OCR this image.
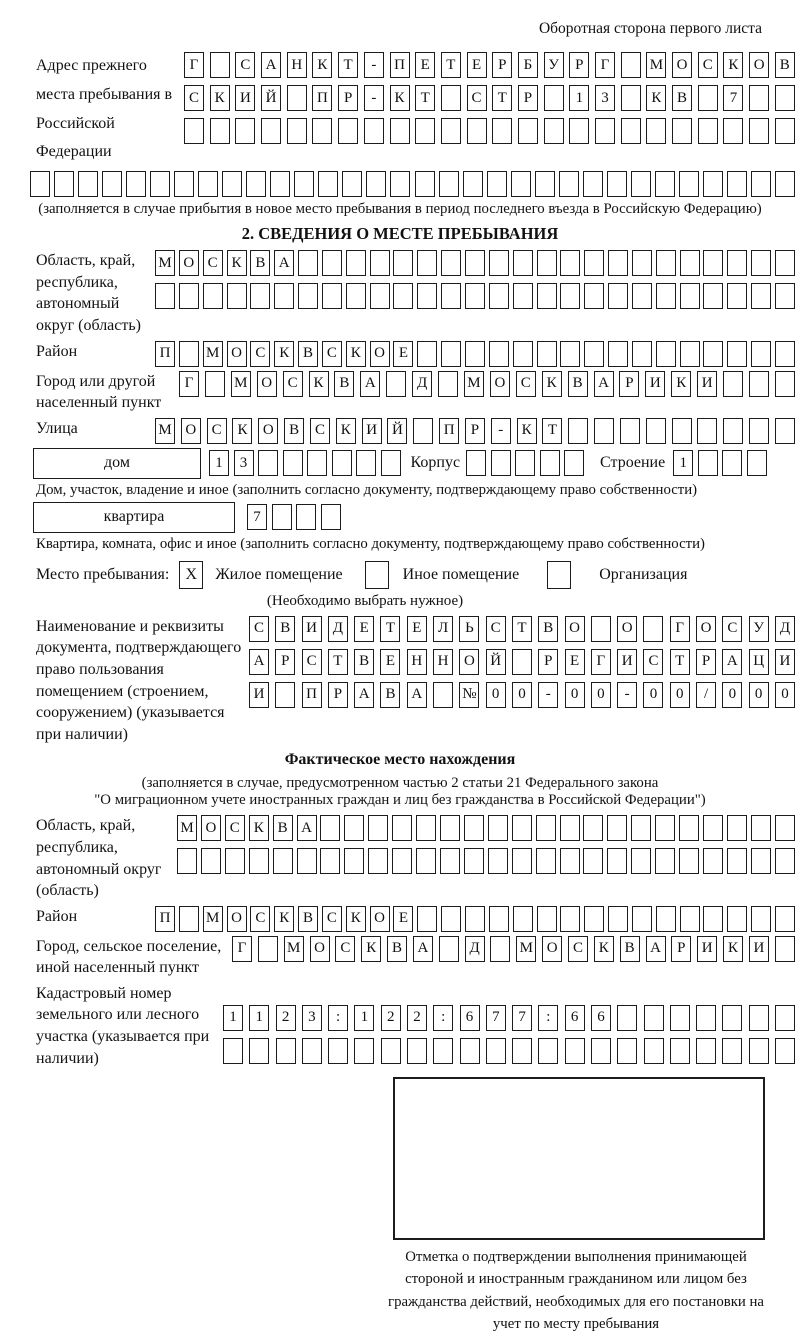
Оборотная сторона первого листа
Адрес прежнего места пребывания в Российской Федерации
Г	С	А Н	К	Т	-	П	Е	Т	Е	Р	Б	У	Р	Г	М О	С	К	О	В
С	К	И Й	П	Р	-	К	Т	С	Т	Р	1	3	К	В	7
(заполняется в случае прибытия в новое место пребывания в период последнего въезда в Российскую Федерацию)
2. СВЕДЕНИЯ О МЕСТЕ ПРЕБЫВАНИЯ
Область, край, республика, автономный округ (область)
М О С К В А
Район	П	М О С К В С К О Е
Город или другой населенный пункт
Г	М О	С	К	В	А	Д	М О	С	К	В	А	Р	И	К	И
Улица	М О	С	К	О	В	С	К	И Й	П	Р	-	К	Т
дом	1	3	Корпус	Строение 1
Дом, участок, владение и иное (заполнить согласно документу, подтверждающему право собственности)
квартира	7
Квартира, комната, офис и иное (заполнить согласно документу, подтверждающему право собственности)
Место пребывания:	X	Жилое помещение	Иное помещение	Организация
(Необходимо выбрать нужное)
Наименование и реквизиты документа, подтверждающего право пользования помещением (строением, сооружением) (указывается при наличии)
С	В	И	Д	Е	Т	Е	Л	Ь	С	Т	В	О	О	Г	О	С	У	Д
А	Р	С	Т	В	Е	Н	Н	О	Й	Р	Е	Г	И	С	Т	Р	А	Ц	И
И	П	Р	А	В	А	№	0	0	-	0	0	-	0	0	/	0	0	0
Фактическое место нахождения
(заполняется в случае, предусмотренном частью 2 статьи 21 Федерального закона
"О миграционном учете иностранных граждан и лиц без гражданства в Российской Федерации")
Область, край, республика, автономный округ (область)
М О С К В А
Район	П	М О С К В С К О Е
Город, сельское поселение, иной населенный пункт
Г	М О	С	К	В	А	Д	М О	С	К	В	А	Р	И	К	И
Кадастровый номер земельного или лесного участка (указывается при наличии)
1	1	2	3	:	1	2	2	:	6	7	7	:	6	6
Отметка о подтверждении выполнения принимающей стороной и иностранным гражданином или лицом без гражданства действий, необходимых для его постановки на учет по месту пребывания
